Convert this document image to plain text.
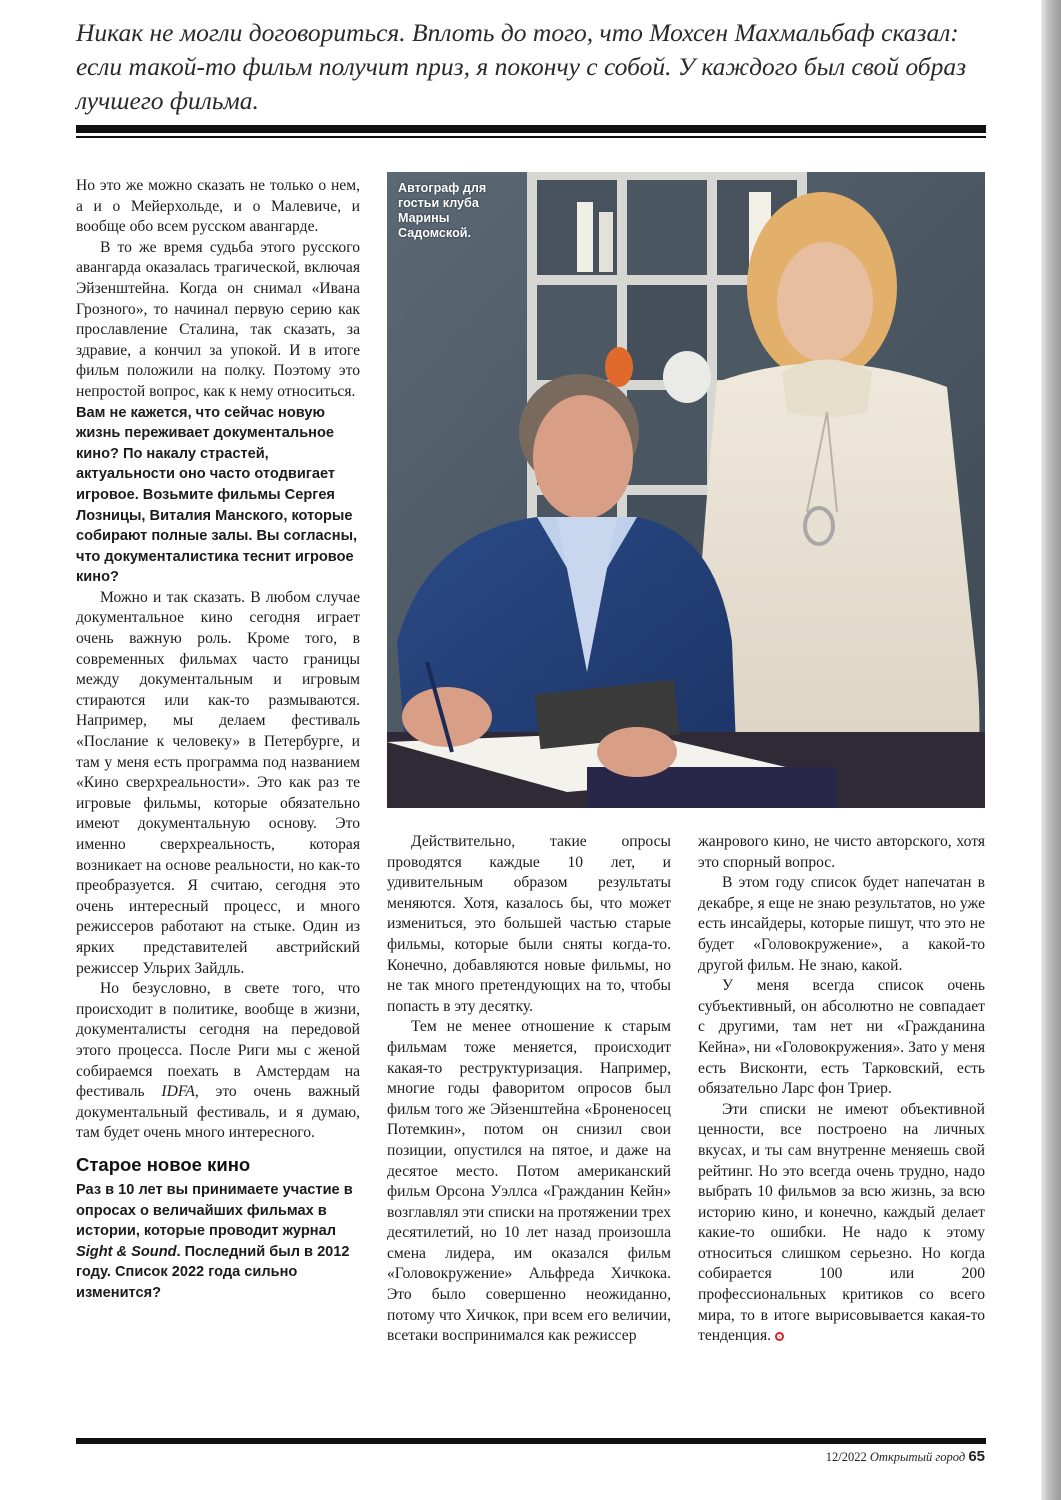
Никак не могли договориться. Вплоть до того, что Мохсен Махмальбаф сказал: если такой-то фильм получит приз, я покончу с собой. У каждого был свой образ лучшего фильма.

Но это же можно сказать не только о нем, а и о Мейерхольде, и о Малевиче, и вообще обо всем русском авангарде.

В то же время судьба этого русского авангарда оказалась трагической, включая Эйзенштейна. Когда он снимал «Ивана Грозного», то начинал первую серию как прославление Сталина, так сказать, за здравие, а кончил за упокой. И в итоге фильм положили на полку. Поэтому это непростой вопрос, как к нему относиться.

Вам не кажется, что сейчас новую жизнь переживает документальное кино? По накалу страстей, актуальности оно часто отодвигает игровое. Возьмите фильмы Сергея Лозницы, Виталия Манского, которые собирают полные залы. Вы согласны, что документалистика теснит игровое кино?

Можно и так сказать. В любом случае документальное кино сегодня играет очень важную роль. Кроме того, в современных фильмах часто границы между документальным и игровым стираются или как-то размываются. Например, мы делаем фестиваль «Послание к человеку» в Петербурге, и там у меня есть программа под названием «Кино сверхреальности». Это как раз те игровые фильмы, которые обязательно имеют документальную основу. Это именно сверхреальность, которая возникает на основе реальности, но как-то преобразуется. Я считаю, сегодня это очень интересный процесс, и много режиссеров работают на стыке. Один из ярких представителей австрийский режиссер Ульрих Зайдль.

Но безусловно, в свете того, что происходит в политике, вообще в жизни, документалисты сегодня на передовой этого процесса. После Риги мы с женой собираемся поехать в Амстердам на фестиваль IDFA, это очень важный документальный фестиваль, и я думаю, там будет очень много интересного.

Старое новое кино

Раз в 10 лет вы принимаете участие в опросах о величайших фильмах в истории, которые проводит журнал Sight & Sound. Последний был в 2012 году. Список 2022 года сильно изменится?

Автограф для гостьи клуба Марины Садомской.

Действительно, такие опросы проводятся каждые 10 лет, и удивительным образом результаты меняются. Хотя, казалось бы, что может измениться, это большей частью старые фильмы, которые были сняты когда-то. Конечно, добавляются новые фильмы, но не так много претендующих на то, чтобы попасть в эту десятку.

Тем не менее отношение к старым фильмам тоже меняется, происходит какая-то реструктуризация. Например, многие годы фаворитом опросов был фильм того же Эйзенштейна «Броненосец Потемкин», потом он снизил свои позиции, опустился на пятое, и даже на десятое место. Потом американский фильм Орсона Уэллса «Гражданин Кейн» возглавлял эти списки на протяжении трех десятилетий, но 10 лет назад произошла смена лидера, им оказался фильм «Головокружение» Альфреда Хичкока. Это было совершенно неожиданно, потому что Хичкок, при всем его величии, всетаки воспринимался как режиссер

жанрового кино, не чисто авторского, хотя это спорный вопрос.

В этом году список будет напечатан в декабре, я еще не знаю результатов, но уже есть инсайдеры, которые пишут, что это не будет «Головокружение», а какой-то другой фильм. Не знаю, какой.

У меня всегда список очень субъективный, он абсолютно не совпадает с другими, там нет ни «Гражданина Кейна», ни «Головокружения». Зато у меня есть Висконти, есть Тарковский, есть обязательно Ларс фон Триер.

Эти списки не имеют объективной ценности, все построено на личных вкусах, и ты сам внутренне меняешь свой рейтинг. Но это всегда очень трудно, надо выбрать 10 фильмов за всю жизнь, за всю историю кино, и конечно, каждый делает какие-то ошибки. Не надо к этому относиться слишком серьезно. Но когда собирается 100 или 200 профессиональных критиков со всего мира, то в итоге вырисовывается какая-то тенденция.

12/2022 Открытый город 65
